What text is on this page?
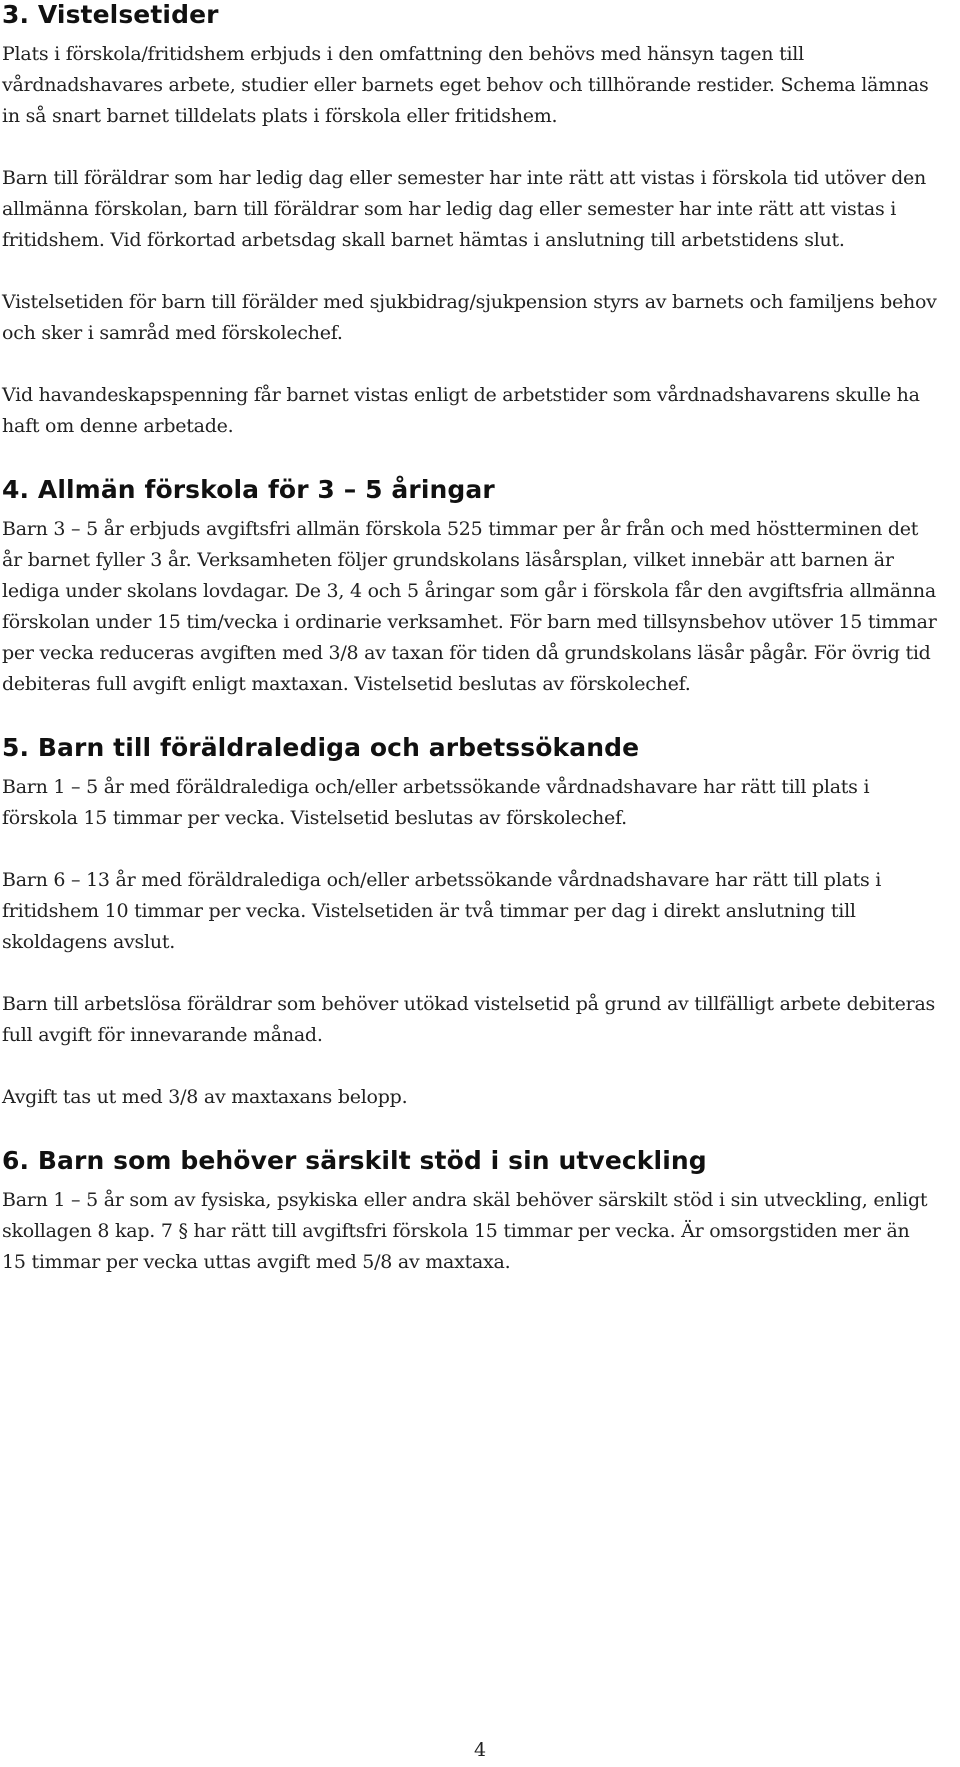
3. Vistelsetider

Plats i förskola/fritidshem erbjuds i den omfattning den behövs med hänsyn tagen till vårdnadshavares arbete, studier eller barnets eget behov och tillhörande restider. Schema lämnas in så snart barnet tilldelats plats i förskola eller fritidshem.

Barn till föräldrar som har ledig dag eller semester har inte rätt att vistas i förskola tid utöver den allmänna förskolan, barn till föräldrar som har ledig dag eller semester har inte rätt att vistas i fritidshem. Vid förkortad arbetsdag skall barnet hämtas i anslutning till arbetstidens slut.

Vistelsetiden för barn till förälder med sjukbidrag/sjukpension styrs av barnets och familjens behov och sker i samråd med förskolechef.

Vid havandeskapspenning får barnet vistas enligt de arbetstider som vårdnadshavarens skulle ha haft om denne arbetade.

4. Allmän förskola för 3 – 5 åringar

Barn 3 – 5 år erbjuds avgiftsfri allmän förskola 525 timmar per år från och med höstterminen det år barnet fyller 3 år. Verksamheten följer grundskolans läsårsplan, vilket innebär att barnen är lediga under skolans lovdagar. De 3, 4 och 5 åringar som går i förskola får den avgiftsfria allmänna förskolan under 15 tim/vecka i ordinarie verksamhet. För barn med tillsynsbehov utöver 15 timmar per vecka reduceras avgiften med 3/8 av taxan för tiden då grundskolans läsår pågår. För övrig tid debiteras full avgift enligt maxtaxan. Vistelsetid beslutas av förskolechef.

5. Barn till föräldralediga och arbetssökande

Barn 1 – 5 år med föräldralediga och/eller arbetssökande vårdnadshavare har rätt till plats i förskola 15 timmar per vecka. Vistelsetid beslutas av förskolechef.

Barn 6 – 13 år med föräldralediga och/eller arbetssökande vårdnadshavare har rätt till plats i fritidshem 10 timmar per vecka. Vistelsetiden är två timmar per dag i direkt anslutning till skoldagens avslut.

Barn till arbetslösa föräldrar som behöver utökad vistelsetid på grund av tillfälligt arbete debiteras full avgift för innevarande månad.

Avgift tas ut med 3/8 av maxtaxans belopp.

6. Barn som behöver särskilt stöd i sin utveckling

Barn 1 – 5 år som av fysiska, psykiska eller andra skäl behöver särskilt stöd i sin utveckling, enligt skollagen 8 kap. 7 § har rätt till avgiftsfri förskola 15 timmar per vecka. Är omsorgstiden mer än 15 timmar per vecka uttas avgift med 5/8 av maxtaxa.

4
